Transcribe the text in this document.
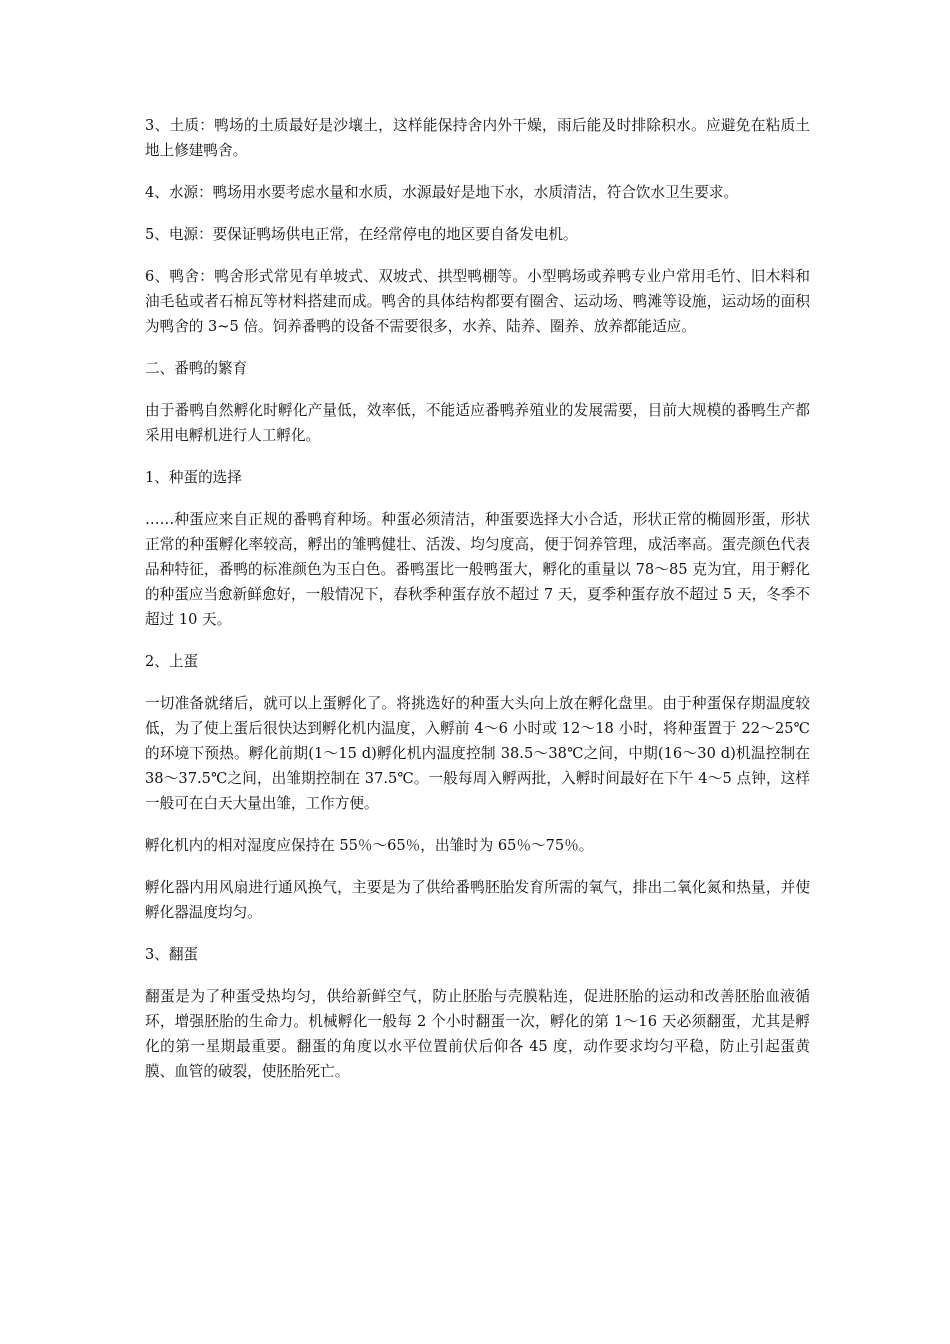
3、土质：鸭场的土质最好是沙壤土，这样能保持舍内外干燥，雨后能及时排除积水。应避免在粘质土地上修建鸭舍。

4、水源：鸭场用水要考虑水量和水质，水源最好是地下水，水质清洁，符合饮水卫生要求。

5、电源：要保证鸭场供电正常，在经常停电的地区要自备发电机。

6、鸭舍：鸭舍形式常见有单坡式、双坡式、拱型鸭棚等。小型鸭场或养鸭专业户常用毛竹、旧木料和油毛毡或者石棉瓦等材料搭建而成。鸭舍的具体结构都要有圈舍、运动场、鸭滩等设施，运动场的面积为鸭舍的 3~5 倍。饲养番鸭的设备不需要很多，水养、陆养、圈养、放养都能适应。

二、番鸭的繁育

由于番鸭自然孵化时孵化产量低，效率低，不能适应番鸭养殖业的发展需要，目前大规模的番鸭生产都采用电孵机进行人工孵化。

1、种蛋的选择

……种蛋应来自正规的番鸭育种场。种蛋必须清洁，种蛋要选择大小合适，形状正常的椭圆形蛋，形状正常的种蛋孵化率较高，孵出的雏鸭健壮、活泼、均匀度高，便于饲养管理，成活率高。蛋壳颜色代表品种特征，番鸭的标准颜色为玉白色。番鸭蛋比一般鸭蛋大，孵化的重量以 78～85 克为宜，用于孵化的种蛋应当愈新鲜愈好，一般情况下，春秋季种蛋存放不超过 7 天，夏季种蛋存放不超过 5 天，冬季不超过 10 天。

2、上蛋

一切准备就绪后，就可以上蛋孵化了。将挑选好的种蛋大头向上放在孵化盘里。由于种蛋保存期温度较低，为了使上蛋后很快达到孵化机内温度，入孵前 4～6 小时或 12～18 小时，将种蛋置于 22～25℃的环境下预热。孵化前期(1～15 d)孵化机内温度控制 38.5～38℃之间，中期(16～30 d)机温控制在 38～37.5℃之间，出雏期控制在 37.5℃。一般每周入孵两批，入孵时间最好在下午 4～5 点钟，这样一般可在白天大量出雏，工作方便。

孵化机内的相对湿度应保持在 55％～65％，出雏时为 65％～75％。

孵化器内用风扇进行通风换气，主要是为了供给番鸭胚胎发育所需的氧气，排出二氧化氮和热量，并使孵化器温度均匀。

3、翻蛋

翻蛋是为了种蛋受热均匀，供给新鲜空气，防止胚胎与壳膜粘连，促进胚胎的运动和改善胚胎血液循环，增强胚胎的生命力。机械孵化一般每 2 个小时翻蛋一次，孵化的第 1～16 天必须翻蛋，尤其是孵化的第一星期最重要。翻蛋的角度以水平位置前伏后仰各 45 度，动作要求均匀平稳，防止引起蛋黄膜、血管的破裂，使胚胎死亡。
